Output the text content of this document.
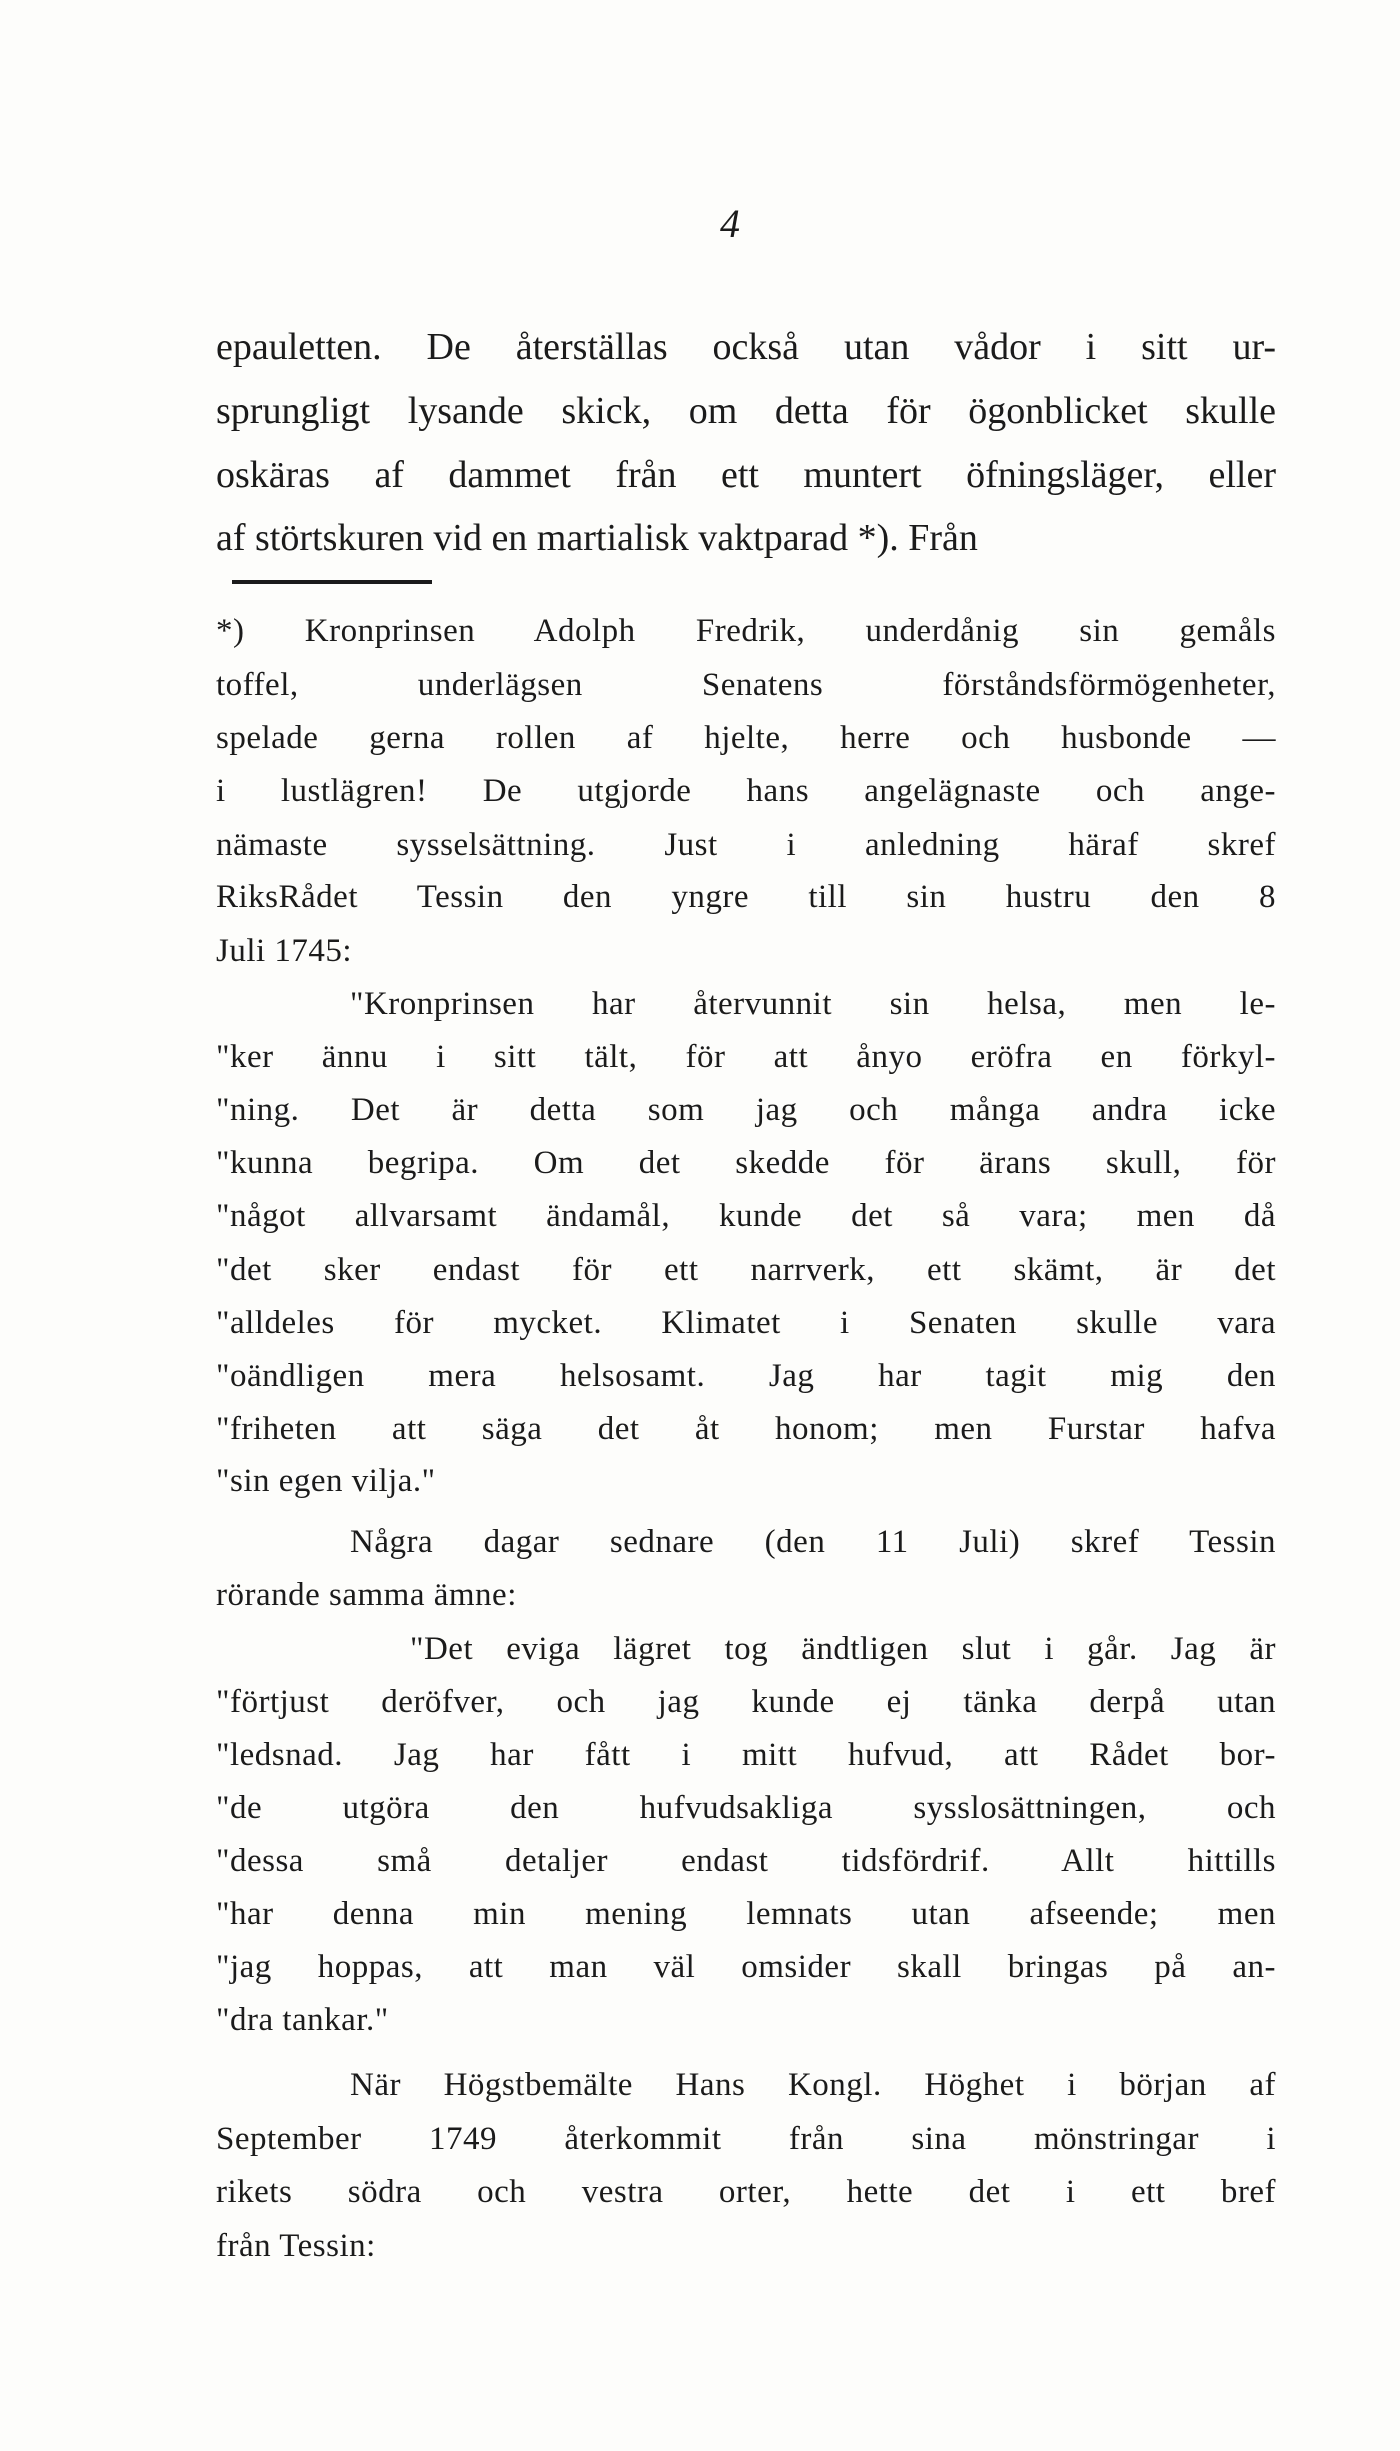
4
epauletten. De återställas också utan vådor i sitt ur-
sprungligt lysande skick, om detta för ögonblicket skulle
oskäras af dammet från ett muntert öfningsläger, eller
af störtskuren vid en martialisk vaktparad *). Från
*) Kronprinsen Adolph Fredrik, underdånig sin gemåls
toffel, underlägsen Senatens förståndsförmögenheter,
spelade gerna rollen af hjelte, herre och husbonde —
i lustlägren! De utgjorde hans angelägnaste och ange-
nämaste sysselsättning. Just i anledning häraf skref
RiksRådet Tessin den yngre till sin hustru den 8
Juli 1745:
"Kronprinsen har återvunnit sin helsa, men le-
"ker ännu i sitt tält, för att ånyo eröfra en förkyl-
"ning. Det är detta som jag och många andra icke
"kunna begripa. Om det skedde för ärans skull, för
"något allvarsamt ändamål, kunde det så vara; men då
"det sker endast för ett narrverk, ett skämt, är det
"alldeles för mycket. Klimatet i Senaten skulle vara
"oändligen mera helsosamt. Jag har tagit mig den
"friheten att säga det åt honom; men Furstar hafva
"sin egen vilja."
Några dagar sednare (den 11 Juli) skref Tessin
rörande samma ämne:
"Det eviga lägret tog ändtligen slut i går. Jag är
"förtjust deröfver, och jag kunde ej tänka derpå utan
"ledsnad. Jag har fått i mitt hufvud, att Rådet bor-
"de utgöra den hufvudsakliga sysslosättningen, och
"dessa små detaljer endast tidsfördrif. Allt hittills
"har denna min mening lemnats utan afseende; men
"jag hoppas, att man väl omsider skall bringas på an-
"dra tankar."
När Högstbemälte Hans Kongl. Höghet i början af
September 1749 återkommit från sina mönstringar i
rikets södra och vestra orter, hette det i ett bref
från Tessin:
